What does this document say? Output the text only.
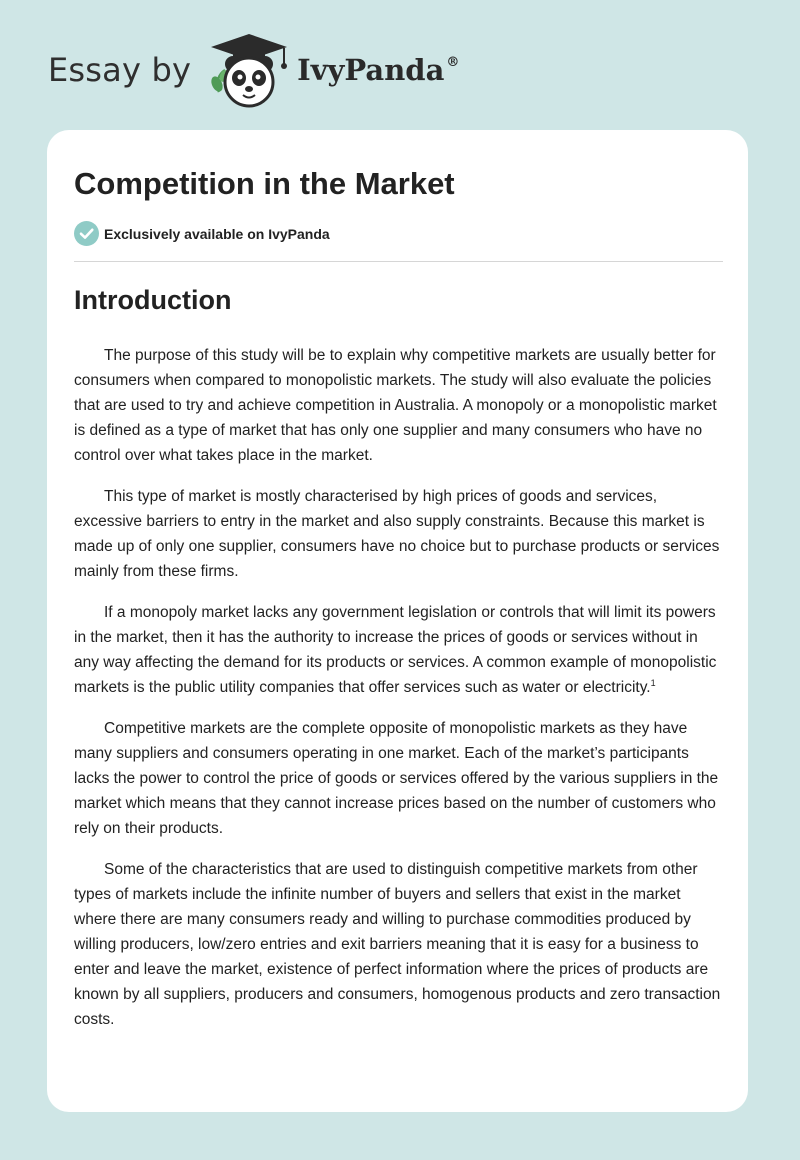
Essay by	IvyPanda ®
Competition in the Market
Exclusively available on IvyPanda
Introduction

The purpose of this study will be to explain why competitive markets are usually better for consumers when compared to monopolistic markets. The study will also evaluate the policies that are used to try and achieve competition in Australia. A monopoly or a monopolistic market is defined as a type of market that has only one supplier and many consumers who have no control over what takes place in the market.

This type of market is mostly characterised by high prices of goods and services, excessive barriers to entry in the market and also supply constraints. Because this market is made up of only one supplier, consumers have no choice but to purchase products or services mainly from these firms.

If a monopoly market lacks any government legislation or controls that will limit its powers in the market, then it has the authority to increase the prices of goods or services without in any way affecting the demand for its products or services. A common example of monopolistic markets is the public utility companies that offer services such as water or electricity.$^1$

Competitive markets are the complete opposite of monopolistic markets as they have many suppliers and consumers operating in one market. Each of the market’s participants lacks the power to control the price of goods or services offered by the various suppliers in the market which means that they cannot increase prices based on the number of customers who rely on their products.

Some of the characteristics that are used to distinguish competitive markets from other types of markets include the infinite number of buyers and sellers that exist in the market where there are many consumers ready and willing to purchase commodities produced by willing producers, low/zero entries and exit barriers meaning that it is easy for a business to enter and leave the market, existence of perfect information where the prices of products are known by all suppliers, producers and consumers, homogenous products and zero transaction costs.
